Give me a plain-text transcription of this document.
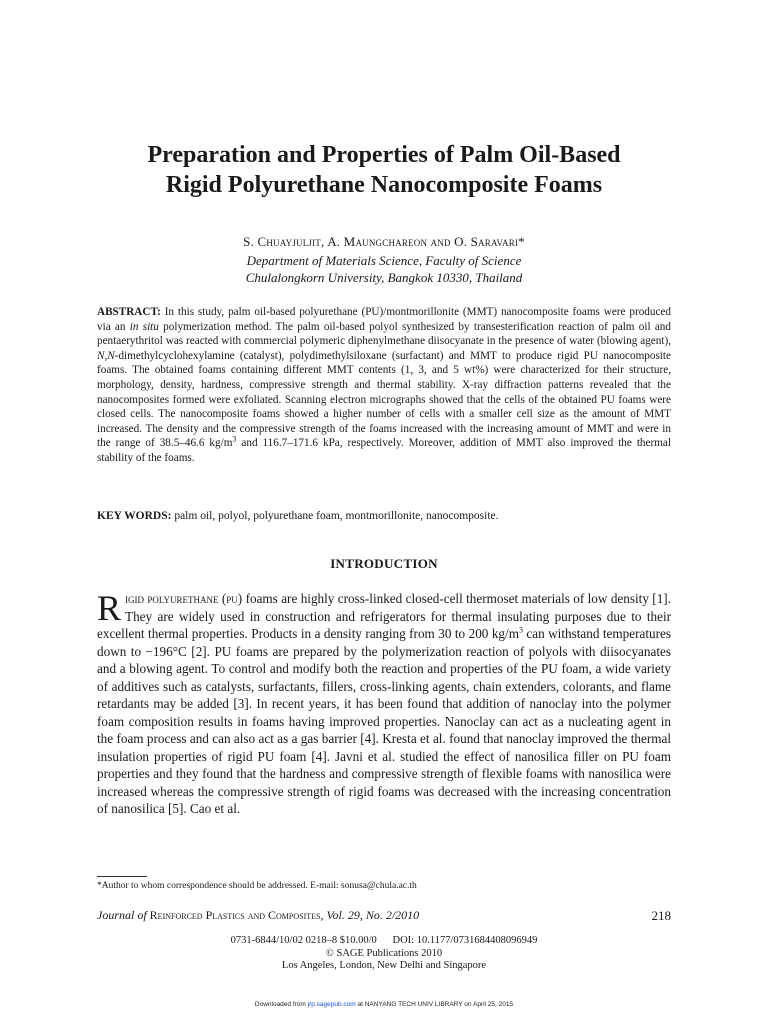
Preparation and Properties of Palm Oil-Based
Rigid Polyurethane Nanocomposite Foams
S. Chuayjuljit, A. Maungchareon and O. Saravari*
Department of Materials Science, Faculty of Science
Chulalongkorn University, Bangkok 10330, Thailand
ABSTRACT: In this study, palm oil-based polyurethane (PU)/montmorillonite (MMT) nanocomposite foams were produced via an in situ polymerization method. The palm oil-based polyol synthesized by transesterification reaction of palm oil and pentaerythritol was reacted with commercial polymeric diphenylmethane diisocyanate in the presence of water (blowing agent), N,N-dimethylcyclohexylamine (catalyst), polydimethylsiloxane (surfactant) and MMT to produce rigid PU nanocomposite foams. The obtained foams containing different MMT contents (1, 3, and 5 wt%) were characterized for their structure, morphology, density, hardness, compressive strength and thermal stability. X-ray diffraction patterns revealed that the nanocomposites formed were exfoliated. Scanning electron micrographs showed that the cells of the obtained PU foams were closed cells. The nanocomposite foams showed a higher number of cells with a smaller cell size as the amount of MMT increased. The density and the compressive strength of the foams increased with the increasing amount of MMT and were in the range of 38.5–46.6 $kg/m^3$ and 116.7–171.6 kPa, respectively. Moreover, addition of MMT also improved the thermal stability of the foams.
KEY WORDS: palm oil, polyol, polyurethane foam, montmorillonite, nanocomposite.
INTRODUCTION
Rigid polyurethane (pu) foams are highly cross-linked closed-cell thermoset materials of low density [1]. They are widely used in construction and refrigerators for thermal insulating purposes due to their excellent thermal properties. Products in a density ranging from 30 to 200 $kg/m^3$ can withstand temperatures down to −196°C [2]. PU foams are prepared by the polymerization reaction of polyols with diisocyanates and a blowing agent. To control and modify both the reaction and properties of the PU foam, a wide variety of additives such as catalysts, surfactants, fillers, cross-linking agents, chain extenders, colorants, and flame retardants may be added [3]. In recent years, it has been found that addition of nanoclay into the polymer foam composition results in foams having improved properties. Nanoclay can act as a nucleating agent in the foam process and can also act as a gas barrier [4]. Kresta et al. found that nanoclay improved the thermal insulation properties of rigid PU foam [4]. Javni et al. studied the effect of nanosilica filler on PU foam properties and they found that the hardness and compressive strength of flexible foams with nanosilica were increased whereas the compressive strength of rigid foams was decreased with the increasing concentration of nanosilica [5]. Cao et al.
*Author to whom correspondence should be addressed. E-mail: sonusa@chula.ac.th
Journal of Reinforced Plastics and Composites, Vol. 29, No. 2/2010	218
0731-6844/10/02 0218–8 $10.00/0      DOI: 10.1177/0731684408096949
© SAGE Publications 2010
Los Angeles, London, New Delhi and Singapore
Downloaded from jrp.sagepub.com at NANYANG TECH UNIV LIBRARY on April 25, 2015
